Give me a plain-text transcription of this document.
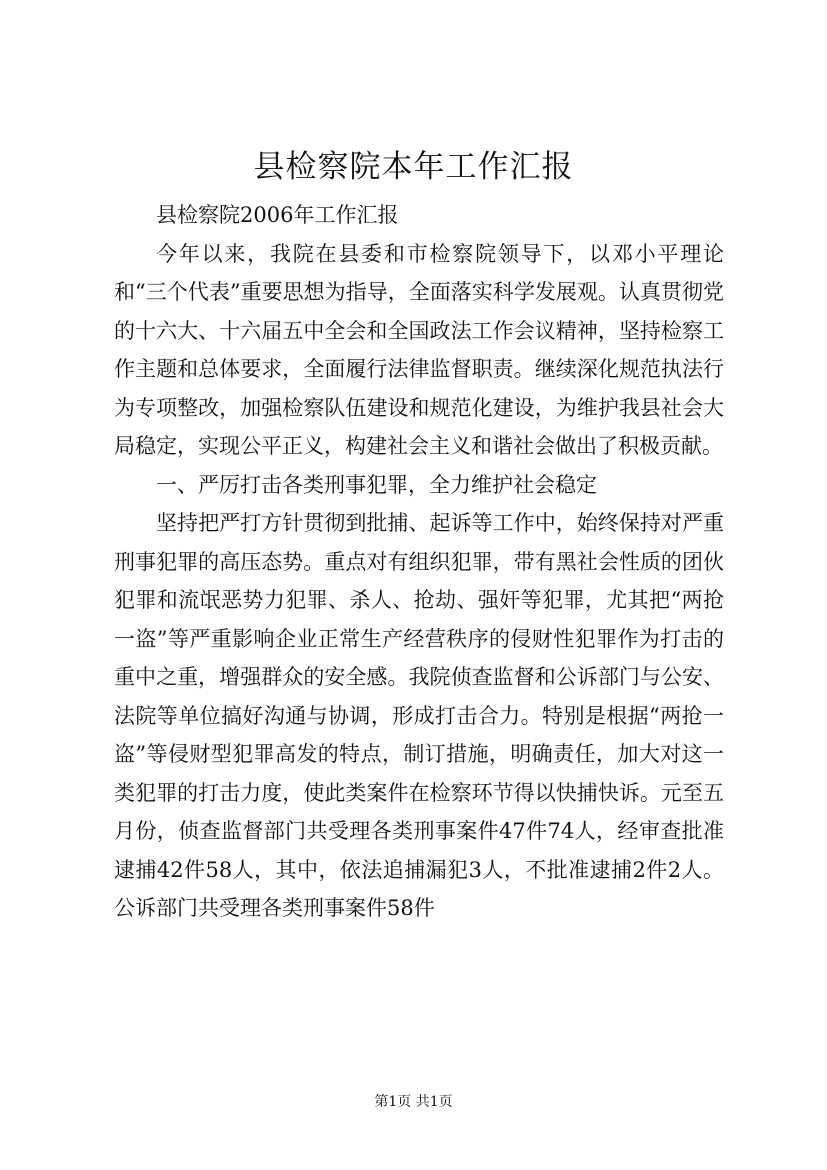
县检察院本年工作汇报

县检察院2006年工作汇报

今年以来，我院在县委和市检察院领导下，以邓小平理论和“三个代表”重要思想为指导，全面落实科学发展观。认真贯彻党的十六大、十六届五中全会和全国政法工作会议精神，坚持检察工作主题和总体要求，全面履行法律监督职责。继续深化规范执法行为专项整改，加强检察队伍建设和规范化建设，为维护我县社会大局稳定，实现公平正义，构建社会主义和谐社会做出了积极贡献。

一、严厉打击各类刑事犯罪，全力维护社会稳定

坚持把严打方针贯彻到批捕、起诉等工作中，始终保持对严重刑事犯罪的高压态势。重点对有组织犯罪，带有黑社会性质的团伙犯罪和流氓恶势力犯罪、杀人、抢劫、强奸等犯罪，尤其把“两抢一盗”等严重影响企业正常生产经营秩序的侵财性犯罪作为打击的重中之重，增强群众的安全感。我院侦查监督和公诉部门与公安、法院等单位搞好沟通与协调，形成打击合力。特别是根据“两抢一盗”等侵财型犯罪高发的特点，制订措施，明确责任，加大对这一类犯罪的打击力度，使此类案件在检察环节得以快捕快诉。元至五月份，侦查监督部门共受理各类刑事案件47件74人，经审查批准逮捕42件58人，其中，依法追捕漏犯3人，不批准逮捕2件2人。公诉部门共受理各类刑事案件58件

第1页 共1页
